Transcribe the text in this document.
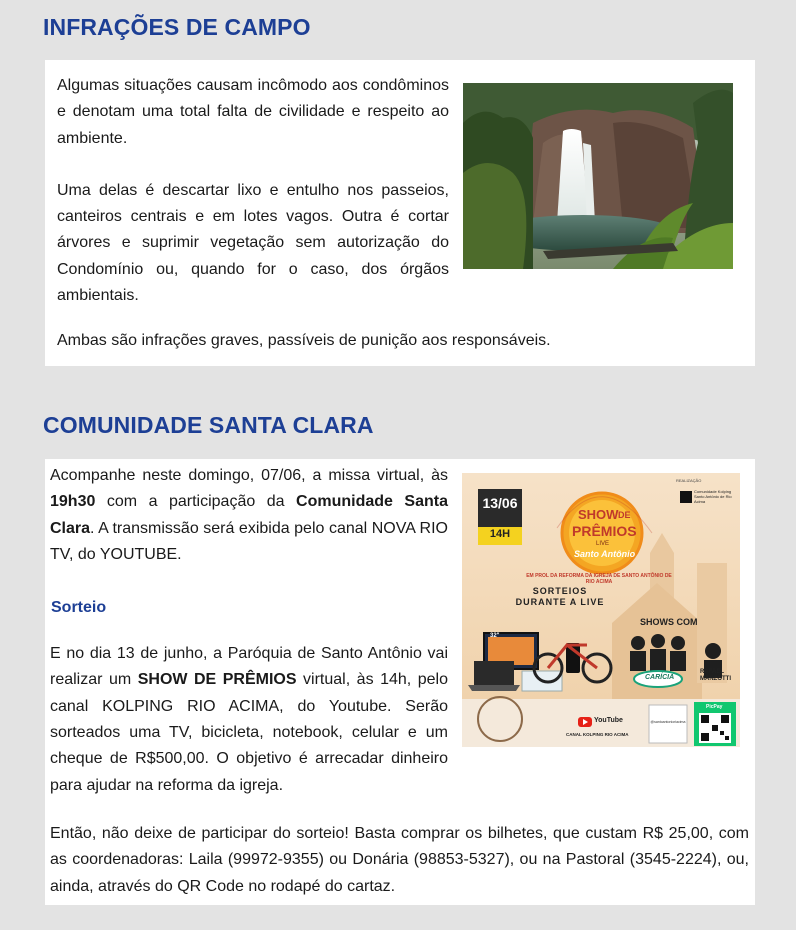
INFRAÇÕES DE CAMPO

Algumas situações causam incômodo aos condôminos e denotam uma total falta de civilidade e respeito ao ambiente.

Uma delas é descartar lixo e entulho nos passeios, canteiros centrais e em lotes vagos. Outra é cortar árvores e suprimir vegetação sem autorização do Condomínio ou, quando for o caso, dos órgãos ambientais.

Ambas são infrações graves, passíveis de punição aos responsáveis.

COMUNIDADE SANTA CLARA

Acompanhe neste domingo, 07/06, a missa virtual, às 19h30 com a participação da Comunidade Santa Clara. A transmissão será exibida pelo canal NOVA RIO TV, do YOUTUBE.

Sorteio

E no dia 13 de junho, a Paróquia de Santo Antônio vai realizar um SHOW DE PRÊMIOS virtual, às 14h, pelo canal KOLPING RIO ACIMA, do Youtube. Serão sorteados uma TV, bicicleta, notebook, celular e um cheque de R$500,00. O objetivo é arrecadar dinheiro para ajudar na reforma da igreja.

Então, não deixe de participar do sorteio! Basta comprar os bilhetes, que custam R$ 25,00, com as coordenadoras: Laila (99972-9355) ou Donária (98853-5327), ou na Pastoral (3545-2224), ou, ainda, através do QR Code no rodapé do cartaz.

13/06
14H
SHOW DE
PRÊMIOS
LIVE
Santo Antônio
EM PROL DA REFORMA DA IGREJA DE SANTO ANTÔNIO DE RIO ACIMA
SORTEIOS
DURANTE A LIVE
REALIZAÇÃO
Comunidade Kolping Santo Antônio de Rio Acima
SHOWS COM
32"
CARÍCIA
RAFAEL MANZOTTI
YouTube
CANAL KOLPING RIO ACIMA
PicPay
@santoantonioriacima
